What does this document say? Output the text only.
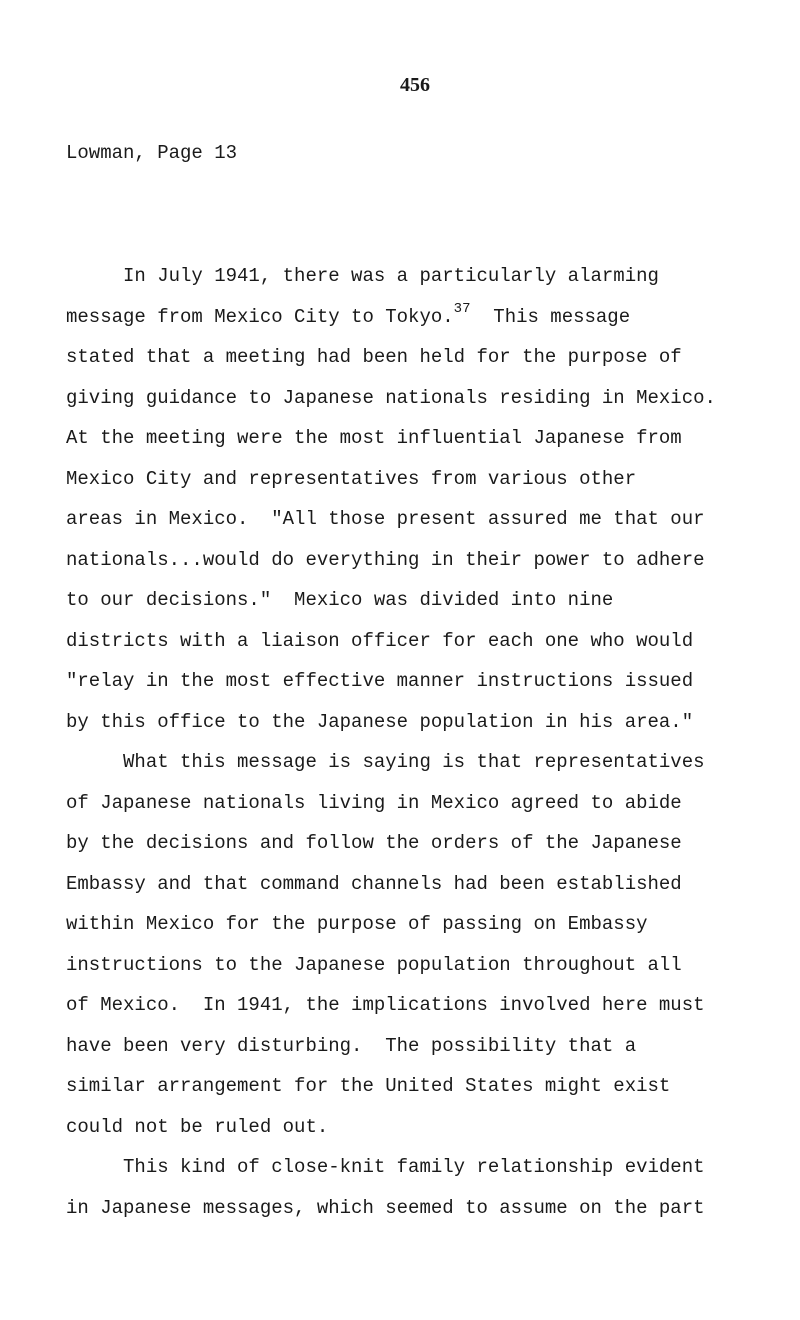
456
Lowman, Page 13

In July 1941, there was a particularly alarming

message from Mexico City to Tokyo.$^{37}$  This message

stated that a meeting had been held for the purpose of

giving guidance to Japanese nationals residing in Mexico.

At the meeting were the most influential Japanese from

Mexico City and representatives from various other

areas in Mexico.  "All those present assured me that our

nationals...would do everything in their power to adhere

to our decisions."  Mexico was divided into nine

districts with a liaison officer for each one who would

"relay in the most effective manner instructions issued

by this office to the Japanese population in his area."

What this message is saying is that representatives

of Japanese nationals living in Mexico agreed to abide

by the decisions and follow the orders of the Japanese

Embassy and that command channels had been established

within Mexico for the purpose of passing on Embassy

instructions to the Japanese population throughout all

of Mexico.  In 1941, the implications involved here must

have been very disturbing.  The possibility that a

similar arrangement for the United States might exist

could not be ruled out.

This kind of close-knit family relationship evident

in Japanese messages, which seemed to assume on the part
